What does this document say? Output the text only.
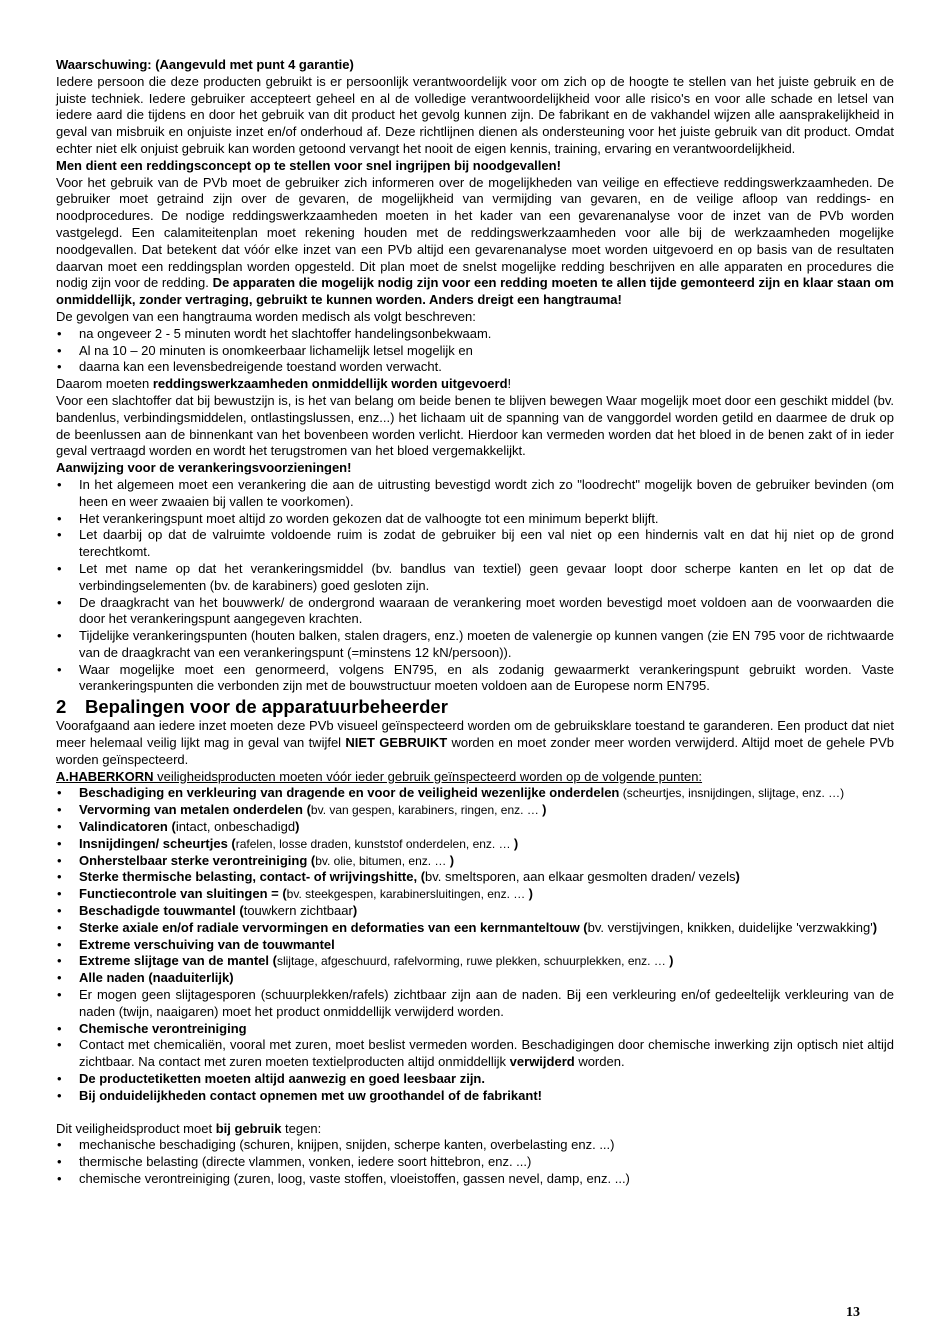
Waarschuwing: (Aangevuld met punt 4 garantie)

Iedere persoon die deze producten gebruikt is er persoonlijk verantwoordelijk voor om zich op de hoogte te stellen van het juiste gebruik en de juiste techniek. Iedere gebruiker accepteert geheel en al de volledige verantwoordelijkheid voor alle risico's en voor alle schade en letsel van iedere aard die tijdens en door het gebruik van dit product het gevolg kunnen zijn. De fabrikant en de vakhandel wijzen alle aansprakelijkheid in geval van misbruik en onjuiste inzet en/of onderhoud af. Deze richtlijnen dienen als ondersteuning voor het juiste gebruik van dit product. Omdat echter niet elk onjuist gebruik kan worden getoond vervangt het nooit de eigen kennis, training, ervaring en verantwoordelijkheid.

Men dient een reddingsconcept op te stellen voor snel ingrijpen bij noodgevallen!

Voor het gebruik van de PVb moet de gebruiker zich informeren over de mogelijkheden van veilige en effectieve reddingswerkzaamheden. De gebruiker moet getraind zijn over de gevaren, de mogelijkheid van vermijding van gevaren, en de veilige afloop van reddings- en noodprocedures. De nodige reddingswerkzaamheden moeten in het kader van een gevarenanalyse voor de inzet van de PVb worden vastgelegd. Een calamiteitenplan moet rekening houden met de reddingswerkzaamheden voor alle bij de werkzaamheden mogelijke noodgevallen. Dat betekent dat vóór elke inzet van een PVb altijd een gevarenanalyse moet worden uitgevoerd en op basis van de resultaten daarvan moet een reddingsplan worden opgesteld. Dit plan moet de snelst mogelijke redding beschrijven en alle apparaten en procedures die nodig zijn voor de redding. De apparaten die mogelijk nodig zijn voor een redding moeten te allen tijde gemonteerd zijn en klaar staan om onmiddellijk, zonder vertraging, gebruikt te kunnen worden. Anders dreigt een hangtrauma!

De gevolgen van een hangtrauma worden medisch als volgt beschreven:

• na ongeveer 2 - 5 minuten wordt het slachtoffer handelingsonbekwaam.
• Al na 10 – 20 minuten is onomkeerbaar lichamelijk letsel mogelijk en
• daarna kan een levensbedreigende toestand worden verwacht.

Daarom moeten reddingswerkzaamheden onmiddellijk worden uitgevoerd!

Voor een slachtoffer dat bij bewustzijn is, is het van belang om beide benen te blijven bewegen Waar mogelijk moet door een geschikt middel (bv. bandenlus, verbindingsmiddelen, ontlastingslussen, enz...) het lichaam uit de spanning van de vanggordel worden getild en daarmee de druk op de beenlussen aan de binnenkant van het bovenbeen worden verlicht. Hierdoor kan vermeden worden dat het bloed in de benen zakt of in ieder geval vertraagd worden en wordt het terugstromen van het bloed vergemakkelijkt.

Aanwijzing voor de verankeringsvoorzieningen!

• In het algemeen moet een verankering die aan de uitrusting bevestigd wordt zich zo "loodrecht" mogelijk boven de gebruiker bevinden (om heen en weer zwaaien bij vallen te voorkomen).
• Het verankeringspunt moet altijd zo worden gekozen dat de valhoogte tot een minimum beperkt blijft.
• Let daarbij op dat de valruimte voldoende ruim is zodat de gebruiker bij een val niet op een hindernis valt en dat hij niet op de grond terechtkomt.
• Let met name op dat het verankeringsmiddel (bv. bandlus van textiel) geen gevaar loopt door scherpe kanten en let op dat de verbindingselementen (bv. de karabiners) goed gesloten zijn.
• De draagkracht van het bouwwerk/ de ondergrond waaraan de verankering moet worden bevestigd moet voldoen aan de voorwaarden die door het verankeringspunt aangegeven krachten.
• Tijdelijke verankeringspunten (houten balken, stalen dragers, enz.) moeten de valenergie op kunnen vangen (zie EN 795 voor de richtwaarde van de draagkracht van een verankeringspunt (=minstens 12 kN/persoon)).
• Waar mogelijke moet een genormeerd, volgens EN795, en als zodanig gewaarmerkt verankeringspunt gebruikt worden. Vaste verankeringspunten die verbonden zijn met de bouwstructuur moeten voldoen aan de Europese norm EN795.
2 Bepalingen voor de apparatuurbeheerder

Voorafgaand aan iedere inzet moeten deze PVb visueel geïnspecteerd worden om de gebruiksklare toestand te garanderen. Een product dat niet meer helemaal veilig lijkt mag in geval van twijfel NIET GEBRUIKT worden en moet zonder meer worden verwijderd. Altijd moet de gehele PVb worden geïnspecteerd.

A.HABERKORN veiligheidsproducten moeten vóór ieder gebruik geïnspecteerd worden op de volgende punten:

• Beschadiging en verkleuring van dragende en voor de veiligheid wezenlijke onderdelen (scheurtjes, insnijdingen, slijtage, enz. …)
• Vervorming van metalen onderdelen (bv. van gespen, karabiners, ringen, enz. … )
• Valindicatoren (intact, onbeschadigd)
• Insnijdingen/ scheurtjes (rafelen, losse draden, kunststof onderdelen, enz. … )
• Onherstelbaar sterke verontreiniging (bv. olie, bitumen, enz. … )
• Sterke thermische belasting, contact- of wrijvingshitte, (bv. smeltsporen, aan elkaar gesmolten draden/ vezels)
• Functiecontrole van sluitingen = (bv. steekgespen, karabinersluitingen, enz. … )
• Beschadigde touwmantel (touwkern zichtbaar)
• Sterke axiale en/of radiale vervormingen en deformaties van een kernmanteltouw (bv. verstijvingen, knikken, duidelijke 'verzwakking')
• Extreme verschuiving van de touwmantel
• Extreme slijtage van de mantel (slijtage, afgeschuurd, rafelvorming, ruwe plekken, schuurplekken, enz. … )
• Alle naden (naaduiterlijk)
• Er mogen geen slijtagesporen (schuurplekken/rafels) zichtbaar zijn aan de naden. Bij een verkleuring en/of gedeeltelijk verkleuring van de naden (twijn, naaigaren) moet het product onmiddellijk verwijderd worden.
• Chemische verontreiniging
• Contact met chemicaliën, vooral met zuren, moet beslist vermeden worden. Beschadigingen door chemische inwerking zijn optisch niet altijd zichtbaar. Na contact met zuren moeten textielproducten altijd onmiddellijk verwijderd worden.
• De productetiketten moeten altijd aanwezig en goed leesbaar zijn.
• Bij onduidelijkheden contact opnemen met uw groothandel of de fabrikant!

Dit veiligheidsproduct moet bij gebruik tegen:

• mechanische beschadiging (schuren, knijpen, snijden, scherpe kanten, overbelasting enz. ...)
• thermische belasting (directe vlammen, vonken, iedere soort hittebron, enz. ...)
• chemische verontreiniging (zuren, loog, vaste stoffen, vloeistoffen, gassen nevel, damp, enz. ...)
13
